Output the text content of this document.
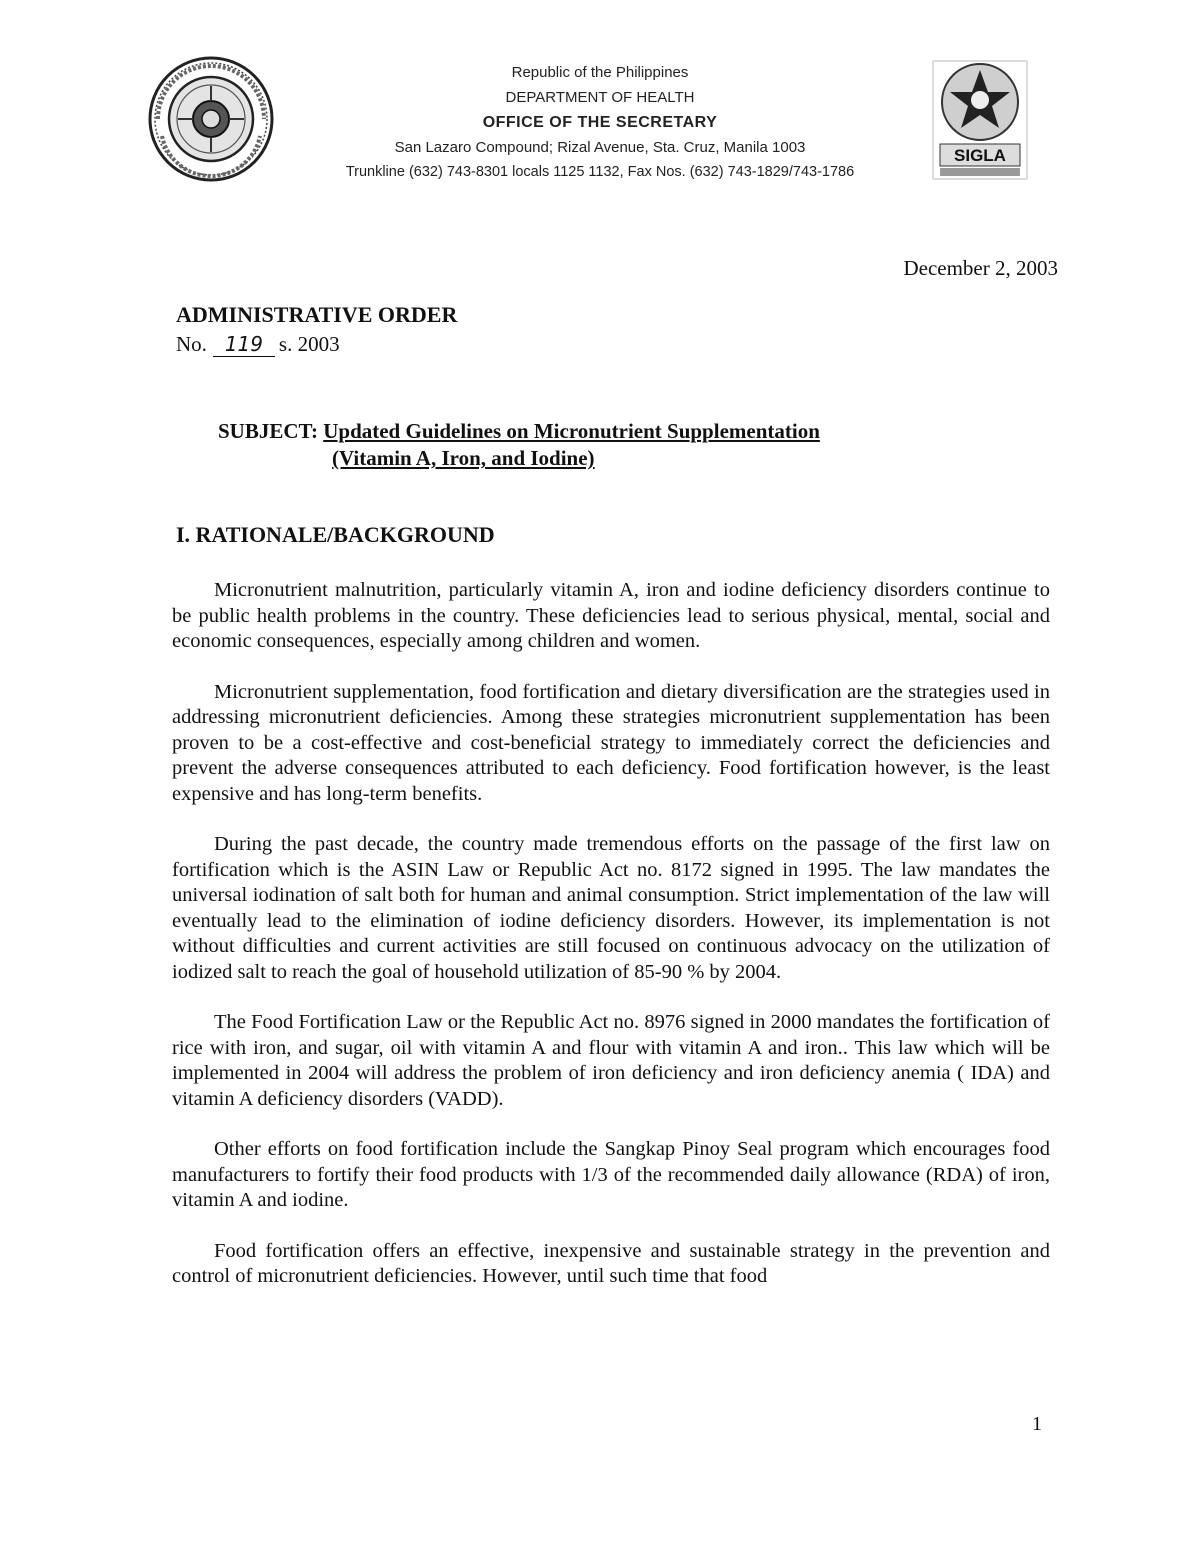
Republic of the Philippines
DEPARTMENT OF HEALTH
OFFICE OF THE SECRETARY
San Lazaro Compound; Rizal Avenue, Sta. Cruz, Manila 1003
Trunkline (632) 743-8301 locals 1125 1132, Fax Nos. (632) 743-1829/743-1786
SIGLA
December 2, 2003
ADMINISTRATIVE ORDER
No. 119 s. 2003
SUBJECT: Updated Guidelines on Micronutrient Supplementation
(Vitamin A, Iron, and Iodine)
I. RATIONALE/BACKGROUND

Micronutrient malnutrition, particularly vitamin A, iron and iodine deficiency disorders continue to be public health problems in the country. These deficiencies lead to serious physical, mental, social and economic consequences, especially among children and women.

Micronutrient supplementation, food fortification and dietary diversification are the strategies used in addressing micronutrient deficiencies. Among these strategies micronutrient supplementation has been proven to be a cost-effective and cost-beneficial strategy to immediately correct the deficiencies and prevent the adverse consequences attributed to each deficiency. Food fortification however, is the least expensive and has long-term benefits.

During the past decade, the country made tremendous efforts on the passage of the first law on fortification which is the ASIN Law or Republic Act no. 8172 signed in 1995. The law mandates the universal iodination of salt both for human and animal consumption. Strict implementation of the law will eventually lead to the elimination of iodine deficiency disorders. However, its implementation is not without difficulties and current activities are still focused on continuous advocacy on the utilization of iodized salt to reach the goal of household utilization of 85-90 % by 2004.

The Food Fortification Law or the Republic Act no. 8976 signed in 2000 mandates the fortification of rice with iron, and sugar, oil with vitamin A and flour with vitamin A and iron.. This law which will be implemented in 2004 will address the problem of iron deficiency and iron deficiency anemia ( IDA) and vitamin A deficiency disorders (VADD).

Other efforts on food fortification include the Sangkap Pinoy Seal program which encourages food manufacturers to fortify their food products with 1/3 of the recommended daily allowance (RDA) of iron, vitamin A and iodine.

Food fortification offers an effective, inexpensive and sustainable strategy in the prevention and control of micronutrient deficiencies. However, until such time that food

1
